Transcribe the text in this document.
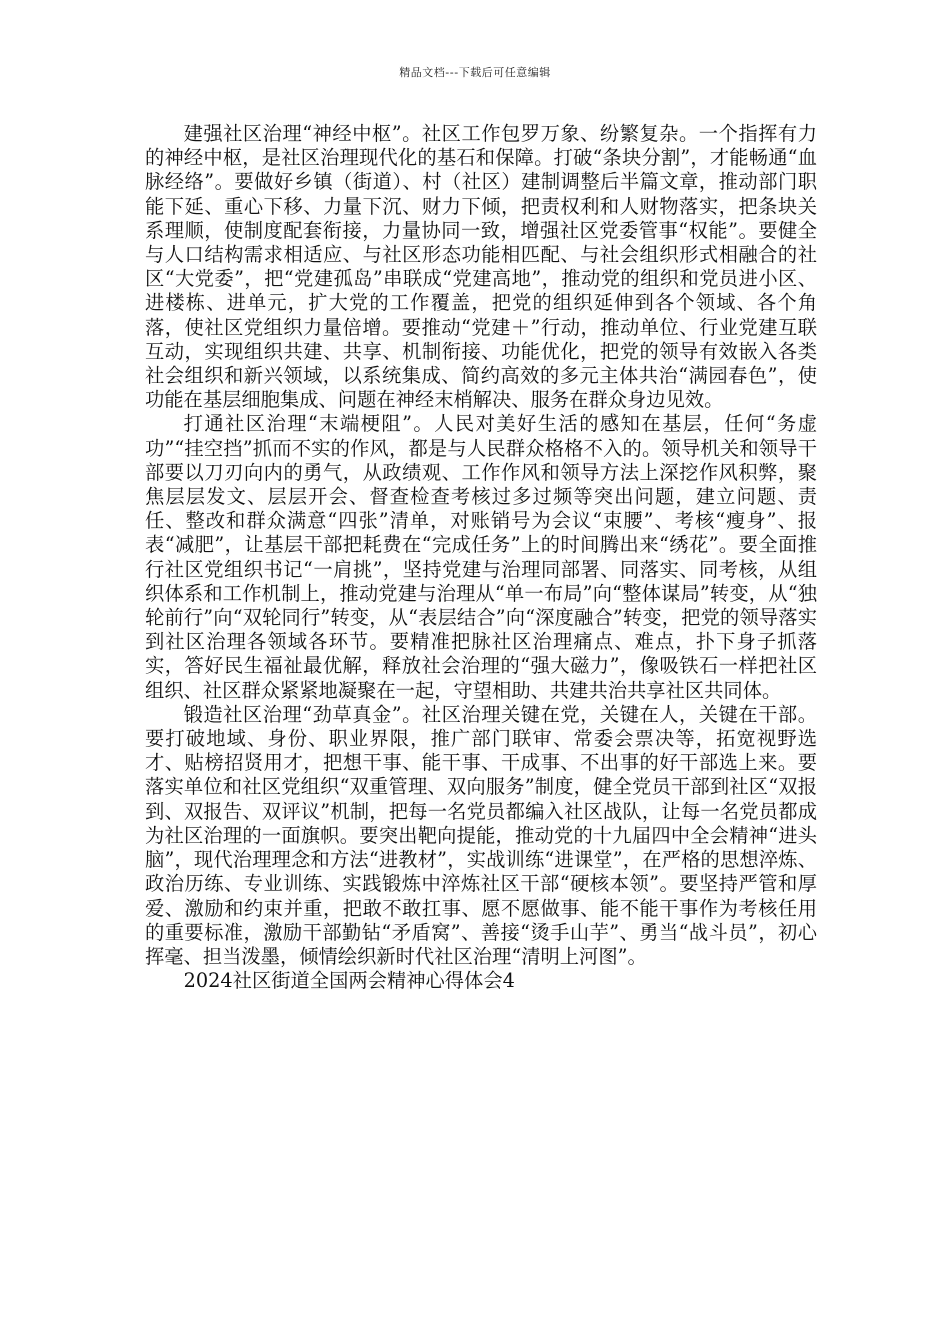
精品文档---下载后可任意编辑

建强社区治理“神经中枢”。社区工作包罗万象、纷繁复杂。一个指挥有力的神经中枢，是社区治理现代化的基石和保障。打破“条块分割”，才能畅通“血脉经络”。要做好乡镇（街道）、村（社区）建制调整后半篇文章，推动部门职能下延、重心下移、力量下沉、财力下倾，把责权利和人财物落实，把条块关系理顺，使制度配套衔接，力量协同一致，增强社区党委管事“权能”。要健全与人口结构需求相适应、与社区形态功能相匹配、与社会组织形式相融合的社区“大党委”，把“党建孤岛”串联成“党建高地”，推动党的组织和党员进小区、进楼栋、进单元，扩大党的工作覆盖，把党的组织延伸到各个领域、各个角落，使社区党组织力量倍增。要推动“党建＋”行动，推动单位、行业党建互联互动，实现组织共建、共享、机制衔接、功能优化，把党的领导有效嵌入各类社会组织和新兴领域，以系统集成、简约高效的多元主体共治“满园春色”，使功能在基层细胞集成、问题在神经末梢解决、服务在群众身边见效。

打通社区治理“末端梗阻”。人民对美好生活的感知在基层，任何“务虚功”“挂空挡”抓而不实的作风，都是与人民群众格格不入的。领导机关和领导干部要以刀刃向内的勇气，从政绩观、工作作风和领导方法上深挖作风积弊，聚焦层层发文、层层开会、督查检查考核过多过频等突出问题，建立问题、责任、整改和群众满意“四张”清单，对账销号为会议“束腰”、考核“瘦身”、报表“减肥”，让基层干部把耗费在“完成任务”上的时间腾出来“绣花”。要全面推行社区党组织书记“一肩挑”，坚持党建与治理同部署、同落实、同考核，从组织体系和工作机制上，推动党建与治理从“单一布局”向“整体谋局”转变，从“独轮前行”向“双轮同行”转变，从“表层结合”向“深度融合”转变，把党的领导落实到社区治理各领域各环节。要精准把脉社区治理痛点、难点，扑下身子抓落实，答好民生福祉最优解，释放社会治理的“强大磁力”，像吸铁石一样把社区组织、社区群众紧紧地凝聚在一起，守望相助、共建共治共享社区共同体。

锻造社区治理“劲草真金”。社区治理关键在党，关键在人，关键在干部。要打破地域、身份、职业界限，推广部门联审、常委会票决等，拓宽视野选才、贴榜招贤用才，把想干事、能干事、干成事、不出事的好干部选上来。要落实单位和社区党组织“双重管理、双向服务”制度，健全党员干部到社区“双报到、双报告、双评议”机制，把每一名党员都编入社区战队，让每一名党员都成为社区治理的一面旗帜。要突出靶向提能，推动党的十九届四中全会精神“进头脑”，现代治理理念和方法“进教材”，实战训练“进课堂”，在严格的思想淬炼、政治历练、专业训练、实践锻炼中淬炼社区干部“硬核本领”。要坚持严管和厚爱、激励和约束并重，把敢不敢扛事、愿不愿做事、能不能干事作为考核任用的重要标准，激励干部勤钻“矛盾窝”、善接“烫手山芋”、勇当“战斗员”，初心挥毫、担当泼墨，倾情绘织新时代社区治理“清明上河图”。

2024社区街道全国两会精神心得体会4
